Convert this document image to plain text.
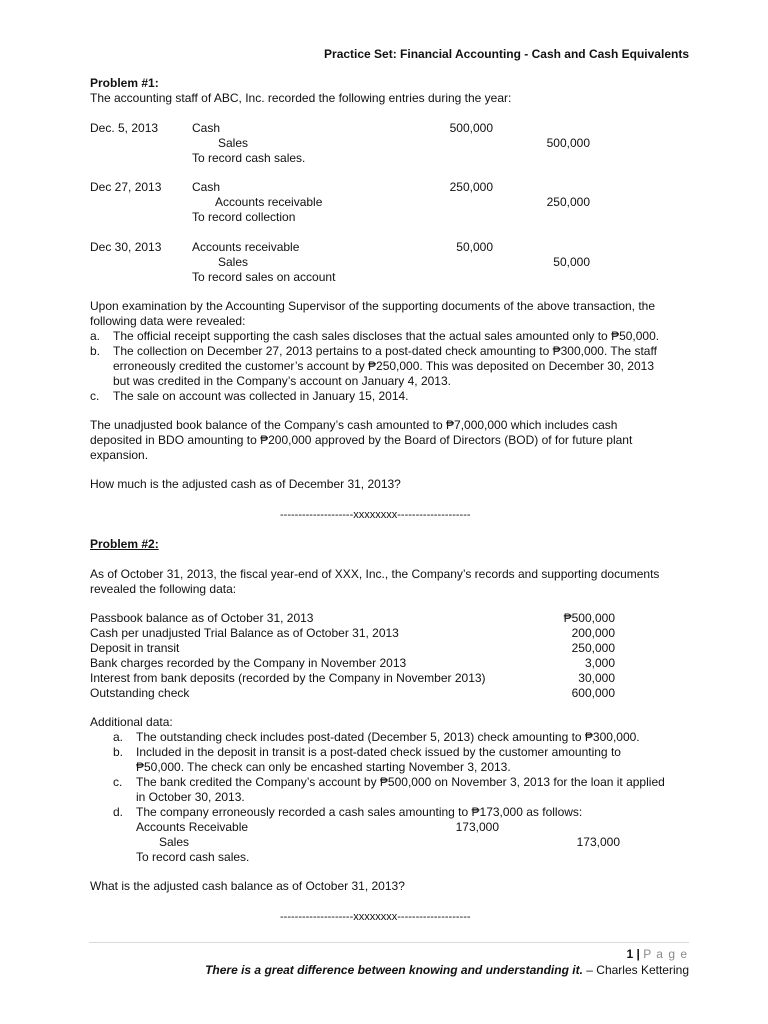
Practice Set: Financial Accounting - Cash and Cash Equivalents
Problem #1:
The accounting staff of ABC, Inc. recorded the following entries during the year:
Dec. 5, 2013	Cash	500,000
Sales	500,000
To record cash sales.
Dec 27, 2013	Cash	250,000
Accounts receivable	250,000
To record collection
Dec 30, 2013	Accounts receivable	50,000
Sales	50,000
To record sales on account
Upon examination by the Accounting Supervisor of the supporting documents of the above transaction, the
following data were revealed:
a. The official receipt supporting the cash sales discloses that the actual sales amounted only to ₱50,000.
b. The collection on December 27, 2013 pertains to a post-dated check amounting to ₱300,000. The staff
erroneously credited the customer’s account by ₱250,000. This was deposited on December 30, 2013
but was credited in the Company’s account on January 4, 2013.
c. The sale on account was collected in January 15, 2014.
The unadjusted book balance of the Company’s cash amounted to ₱7,000,000 which includes cash
deposited in BDO amounting to ₱200,000 approved by the Board of Directors (BOD) of for future plant
expansion.
How much is the adjusted cash as of December 31, 2013?
--------------------xxxxxxxx--------------------
Problem #2:
As of October 31, 2013, the fiscal year-end of XXX, Inc., the Company’s records and supporting documents
revealed the following data:
Passbook balance as of October 31, 2013	₱500,000
Cash per unadjusted Trial Balance as of October 31, 2013	200,000
Deposit in transit	250,000
Bank charges recorded by the Company in November 2013	3,000
Interest from bank deposits (recorded by the Company in November 2013)	30,000
Outstanding check	600,000
Additional data:
a. The outstanding check includes post-dated (December 5, 2013) check amounting to ₱300,000.
b. Included in the deposit in transit is a post-dated check issued by the customer amounting to
₱50,000. The check can only be encashed starting November 3, 2013.
c. The bank credited the Company’s account by ₱500,000 on November 3, 2013 for the loan it applied
in October 30, 2013.
d. The company erroneously recorded a cash sales amounting to ₱173,000 as follows:
Accounts Receivable	173,000
Sales	173,000
To record cash sales.
What is the adjusted cash balance as of October 31, 2013?
--------------------xxxxxxxx--------------------
1 | P a g e
There is a great difference between knowing and understanding it. – Charles Kettering
